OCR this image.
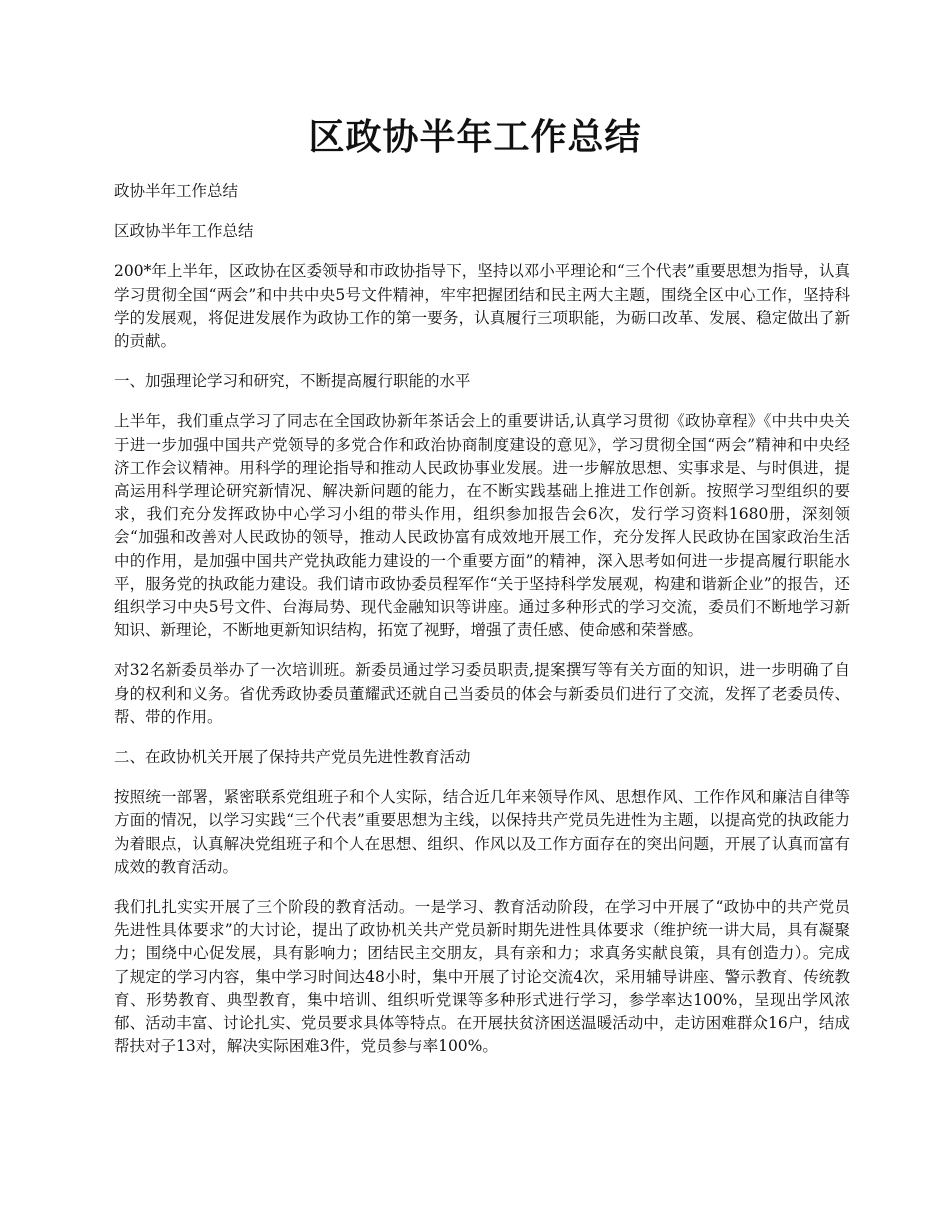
区政协半年工作总结

政协半年工作总结

区政协半年工作总结

200*年上半年，区政协在区委领导和市政协指导下，坚持以邓小平理论和“三个代表”重要思想为指导，认真学习贯彻全国“两会”和中共中央5号文件精神，牢牢把握团结和民主两大主题，围绕全区中心工作，坚持科学的发展观，将促进发展作为政协工作的第一要务，认真履行三项职能，为砺口改革、发展、稳定做出了新的贡献。

一、加强理论学习和研究，不断提高履行职能的水平

上半年，我们重点学习了同志在全国政协新年茶话会上的重要讲话,认真学习贯彻《政协章程》《中共中央关于进一步加强中国共产党领导的多党合作和政治协商制度建设的意见》，学习贯彻全国“两会”精神和中央经济工作会议精神。用科学的理论指导和推动人民政协事业发展。进一步解放思想、实事求是、与时俱进，提高运用科学理论研究新情况、解决新问题的能力，在不断实践基础上推进工作创新。按照学习型组织的要求，我们充分发挥政协中心学习小组的带头作用，组织参加报告会6次，发行学习资料1680册，深刻领会“加强和改善对人民政协的领导，推动人民政协富有成效地开展工作，充分发挥人民政协在国家政治生活中的作用，是加强中国共产党执政能力建设的一个重要方面”的精神，深入思考如何进一步提高履行职能水平，服务党的执政能力建设。我们请市政协委员程军作“关于坚持科学发展观，构建和谐新企业”的报告，还组织学习中央5号文件、台海局势、现代金融知识等讲座。通过多种形式的学习交流，委员们不断地学习新知识、新理论，不断地更新知识结构，拓宽了视野，增强了责任感、使命感和荣誉感。

对32名新委员举办了一次培训班。新委员通过学习委员职责,提案撰写等有关方面的知识，进一步明确了自身的权利和义务。省优秀政协委员董耀武还就自己当委员的体会与新委员们进行了交流，发挥了老委员传、帮、带的作用。

二、在政协机关开展了保持共产党员先进性教育活动

按照统一部署，紧密联系党组班子和个人实际，结合近几年来领导作风、思想作风、工作作风和廉洁自律等方面的情况，以学习实践“三个代表”重要思想为主线，以保持共产党员先进性为主题，以提高党的执政能力为着眼点，认真解决党组班子和个人在思想、组织、作风以及工作方面存在的突出问题，开展了认真而富有成效的教育活动。

我们扎扎实实开展了三个阶段的教育活动。一是学习、教育活动阶段，在学习中开展了“政协中的共产党员先进性具体要求”的大讨论，提出了政协机关共产党员新时期先进性具体要求（维护统一讲大局，具有凝聚力；围绕中心促发展，具有影响力；团结民主交朋友，具有亲和力；求真务实献良策，具有创造力）。完成了规定的学习内容，集中学习时间达48小时，集中开展了讨论交流4次，采用辅导讲座、警示教育、传统教育、形势教育、典型教育，集中培训、组织听党课等多种形式进行学习，参学率达100%，呈现出学风浓郁、活动丰富、讨论扎实、党员要求具体等特点。在开展扶贫济困送温暖活动中，走访困难群众16户，结成帮扶对子13对，解决实际困难3件，党员参与率100%。
